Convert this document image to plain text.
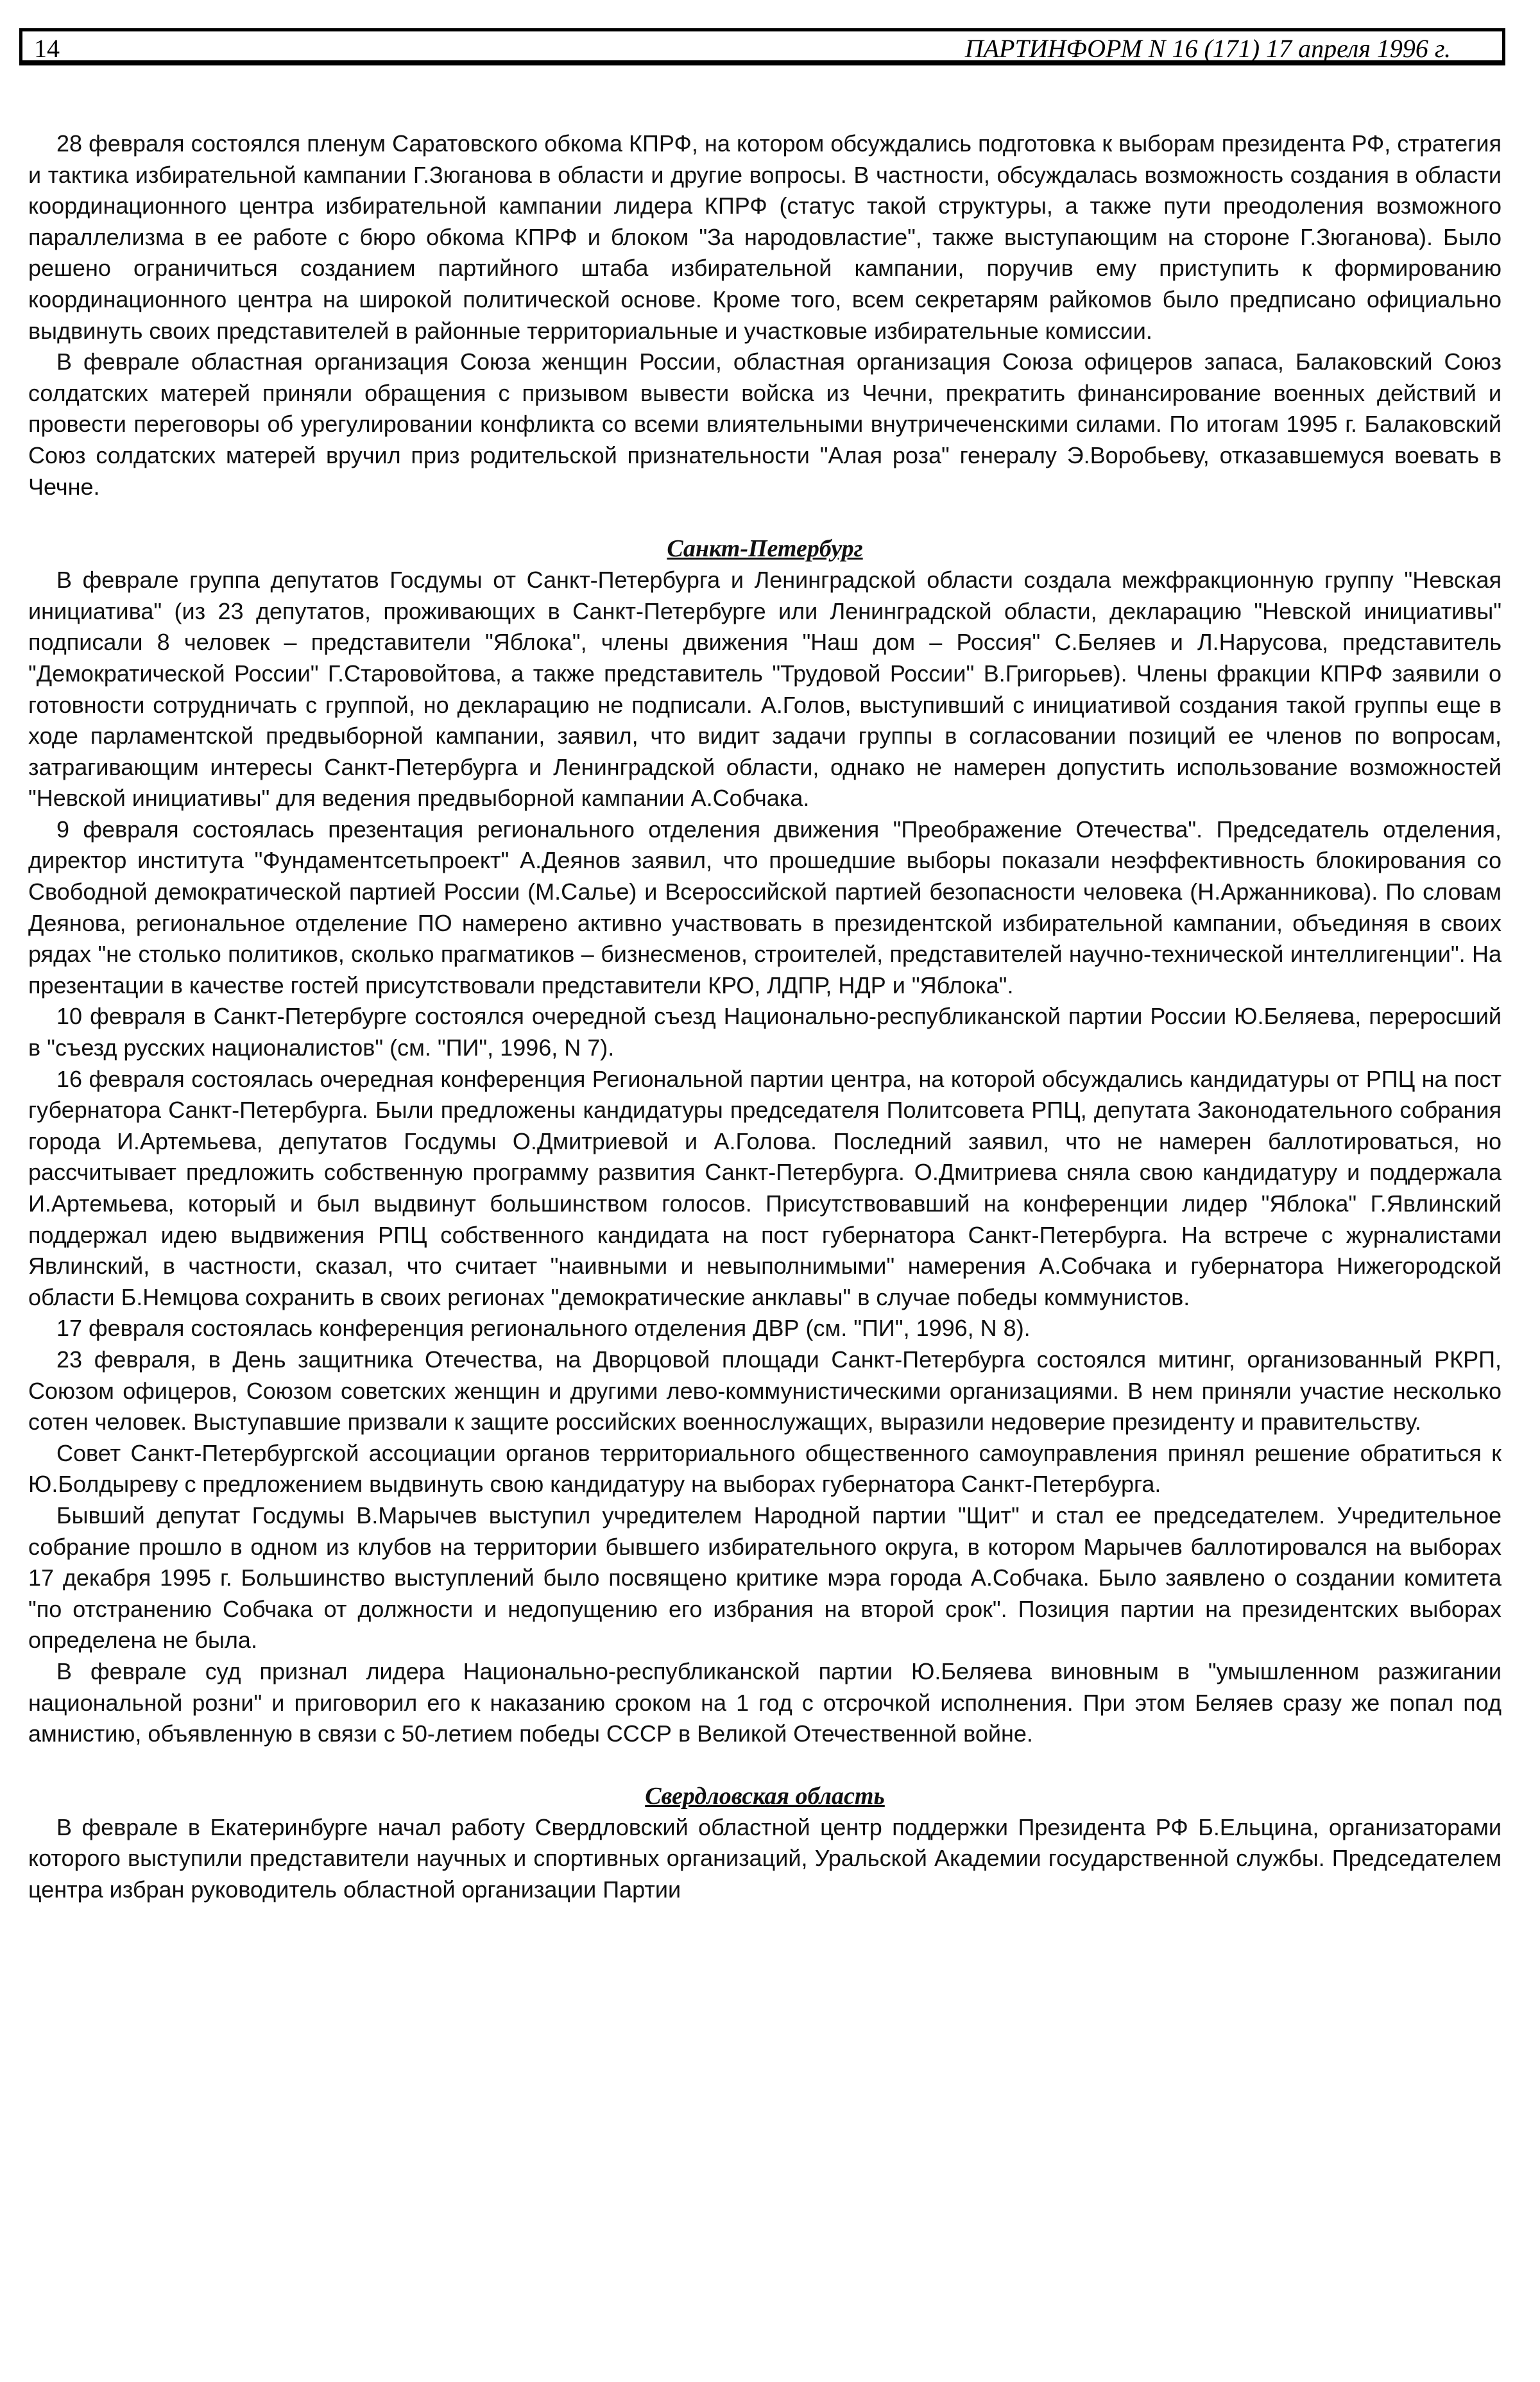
14	ПАРТИНФОРМ N 16 (171) 17 апреля 1996 г.

28 февраля состоялся пленум Саратовского обкома КПРФ, на котором обсуждались подготовка к выборам президента РФ, стратегия и тактика избирательной кампании Г.Зюганова в области и другие вопросы. В частности, обсуждалась возможность создания в области координационного центра избирательной кампании лидера КПРФ (статус такой структуры, а также пути преодоления возможного параллелизма в ее работе с бюро обкома КПРФ и блоком "За народовластие", также выступающим на стороне Г.Зюганова). Было решено ограничиться созданием партийного штаба избирательной кампании, поручив ему приступить к формированию координационного центра на широкой политической основе. Кроме того, всем секретарям райкомов было предписано официально выдвинуть своих представителей в районные территориальные и участковые избирательные комиссии.

В феврале областная организация Союза женщин России, областная организация Союза офицеров запаса, Балаковский Союз солдатских матерей приняли обращения с призывом вывести войска из Чечни, прекратить финансирование военных действий и провести переговоры об урегулировании конфликта со всеми влиятельными внутричеченскими силами. По итогам 1995 г. Балаковский Союз солдатских матерей вручил приз родительской признательности "Алая роза" генералу Э.Воробьеву, отказавшемуся воевать в Чечне.

Санкт-Петербург

В феврале группа депутатов Госдумы от Санкт-Петербурга и Ленинградской области создала межфракционную группу "Невская инициатива" (из 23 депутатов, проживающих в Санкт-Петербурге или Ленинградской области, декларацию "Невской инициативы" подписали 8 человек – представители "Яблока", члены движения "Наш дом – Россия" С.Беляев и Л.Нарусова, представитель "Демократической России" Г.Старовойтова, а также представитель "Трудовой России" В.Григорьев). Члены фракции КПРФ заявили о готовности сотрудничать с группой, но декларацию не подписали. А.Голов, выступивший с инициативой создания такой группы еще в ходе парламентской предвыборной кампании, заявил, что видит задачи группы в согласовании позиций ее членов по вопросам, затрагивающим интересы Санкт-Петербурга и Ленинградской области, однако не намерен допустить использование возможностей "Невской инициативы" для ведения предвыборной кампании А.Собчака.

9 февраля состоялась презентация регионального отделения движения "Преображение Отечества". Председатель отделения, директор института "Фундаментсетьпроект" А.Деянов заявил, что прошедшие выборы показали неэффективность блокирования со Свободной демократической партией России (М.Салье) и Всероссийской партией безопасности человека (Н.Аржанникова). По словам Деянова, региональное отделение ПО намерено активно участвовать в президентской избирательной кампании, объединяя в своих рядах "не столько политиков, сколько прагматиков – бизнесменов, строителей, представителей научно-технической интеллигенции". На презентации в качестве гостей присутствовали представители КРО, ЛДПР, НДР и "Яблока".

10 февраля в Санкт-Петербурге состоялся очередной съезд Национально-республиканской партии России Ю.Беляева, переросший в "съезд русских националистов" (см. "ПИ", 1996, N 7).

16 февраля состоялась очередная конференция Региональной партии центра, на которой обсуждались кандидатуры от РПЦ на пост губернатора Санкт-Петербурга. Были предложены кандидатуры председателя Политсовета РПЦ, депутата Законодательного собрания города И.Артемьева, депутатов Госдумы О.Дмитриевой и А.Голова. Последний заявил, что не намерен баллотироваться, но рассчитывает предложить собственную программу развития Санкт-Петербурга. О.Дмитриева сняла свою кандидатуру и поддержала И.Артемьева, который и был выдвинут большинством голосов. Присутствовавший на конференции лидер "Яблока" Г.Явлинский поддержал идею выдвижения РПЦ собственного кандидата на пост губернатора Санкт-Петербурга. На встрече с журналистами Явлинский, в частности, сказал, что считает "наивными и невыполнимыми" намерения А.Собчака и губернатора Нижегородской области Б.Немцова сохранить в своих регионах "демократические анклавы" в случае победы коммунистов.

17 февраля состоялась конференция регионального отделения ДВР (см. "ПИ", 1996, N 8).

23 февраля, в День защитника Отечества, на Дворцовой площади Санкт-Петербурга состоялся митинг, организованный РКРП, Союзом офицеров, Союзом советских женщин и другими лево-коммунистическими организациями. В нем приняли участие несколько сотен человек. Выступавшие призвали к защите российских военнослужащих, выразили недоверие президенту и правительству.

Совет Санкт-Петербургской ассоциации органов территориального общественного самоуправления принял решение обратиться к Ю.Болдыреву с предложением выдвинуть свою кандидатуру на выборах губернатора Санкт-Петербурга.

Бывший депутат Госдумы В.Марычев выступил учредителем Народной партии "Щит" и стал ее председателем. Учредительное собрание прошло в одном из клубов на территории бывшего избирательного округа, в котором Марычев баллотировался на выборах 17 декабря 1995 г. Большинство выступлений было посвящено критике мэра города А.Собчака. Было заявлено о создании комитета "по отстранению Собчака от должности и недопущению его избрания на второй срок". Позиция партии на президентских выборах определена не была.

В феврале суд признал лидера Национально-республиканской партии Ю.Беляева виновным в "умышленном разжигании национальной розни" и приговорил его к наказанию сроком на 1 год с отсрочкой исполнения. При этом Беляев сразу же попал под амнистию, объявленную в связи с 50-летием победы СССР в Великой Отечественной войне.

Свердловская область

В феврале в Екатеринбурге начал работу Свердловский областной центр поддержки Президента РФ Б.Ельцина, организаторами которого выступили представители научных и спортивных организаций, Уральской Академии государственной службы. Председателем центра избран руководитель областной организации Партии
